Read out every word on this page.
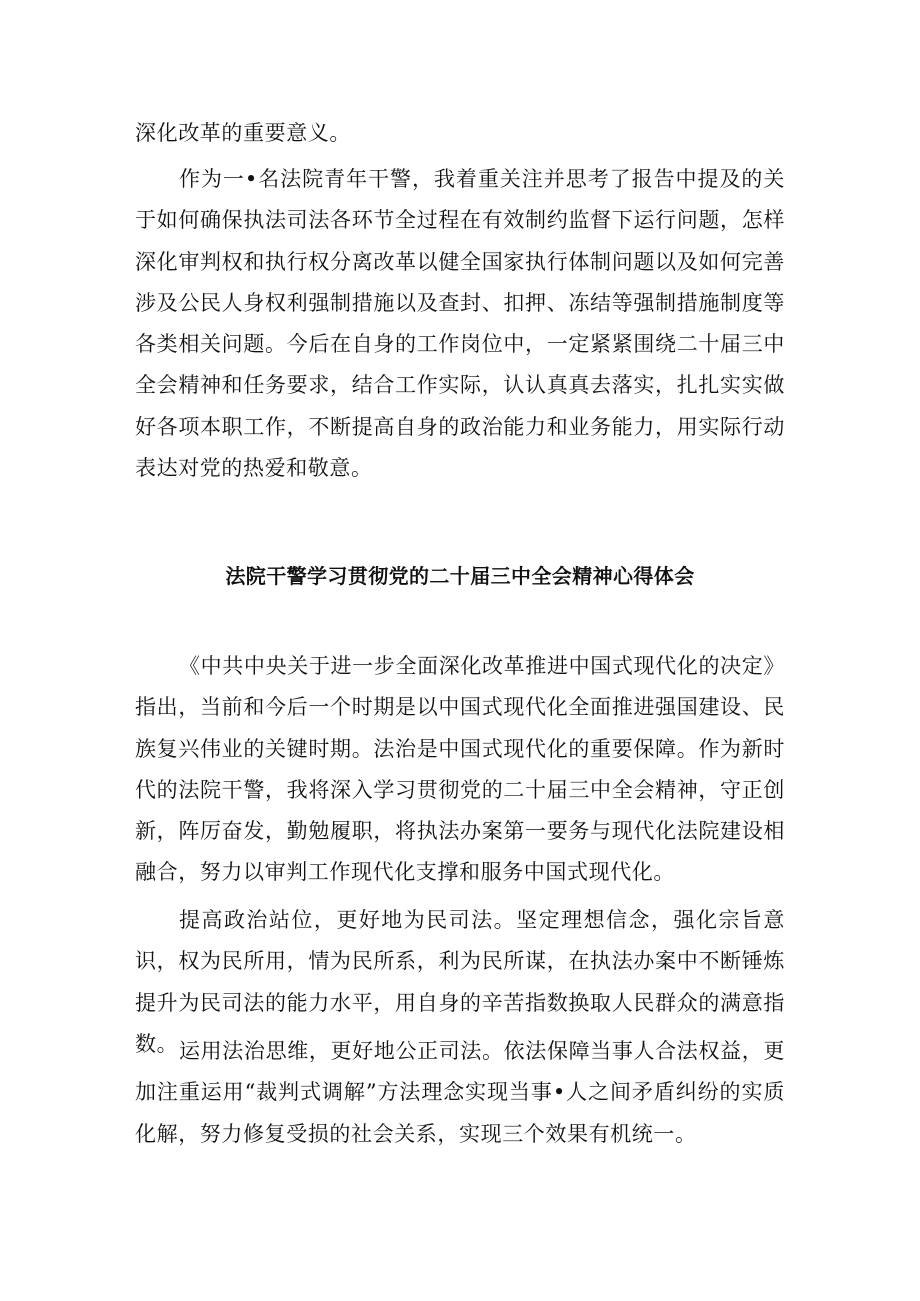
深化改革的重要意义。

作为一•名法院青年干警，我着重关注并思考了报告中提及的关于如何确保执法司法各环节全过程在有效制约监督下运行问题，怎样深化审判权和执行权分离改革以健全国家执行体制问题以及如何完善涉及公民人身权利强制措施以及查封、扣押、冻结等强制措施制度等各类相关问题。今后在自身的工作岗位中，一定紧紧围绕二十届三中全会精神和任务要求，结合工作实际，认认真真去落实，扎扎实实做好各项本职工作，不断提高自身的政治能力和业务能力，用实际行动表达对党的热爱和敬意。

法院干警学习贯彻党的二十届三中全会精神心得体会

《中共中央关于进一步全面深化改革推进中国式现代化的决定》指出，当前和今后一个时期是以中国式现代化全面推进强国建设、民族复兴伟业的关键时期。法治是中国式现代化的重要保障。作为新时代的法院干警，我将深入学习贯彻党的二十届三中全会精神，守正创新，阵厉奋发，勤勉履职，将执法办案第一要务与现代化法院建设相融合，努力以审判工作现代化支撑和服务中国式现代化。

提高政治站位，更好地为民司法。坚定理想信念，强化宗旨意识，权为民所用，情为民所系，利为民所谋，在执法办案中不断锤炼提升为民司法的能力水平，用自身的辛苦指数换取人民群众的满意指数。 运用法治思维，更好地公正司法。依法保障当事人合法权益，更加注重运用“裁判式调解”方法理念实现当事•人之间矛盾纠纷的实质化解，努力修复受损的社会关系，实现三个效果有机统一。
